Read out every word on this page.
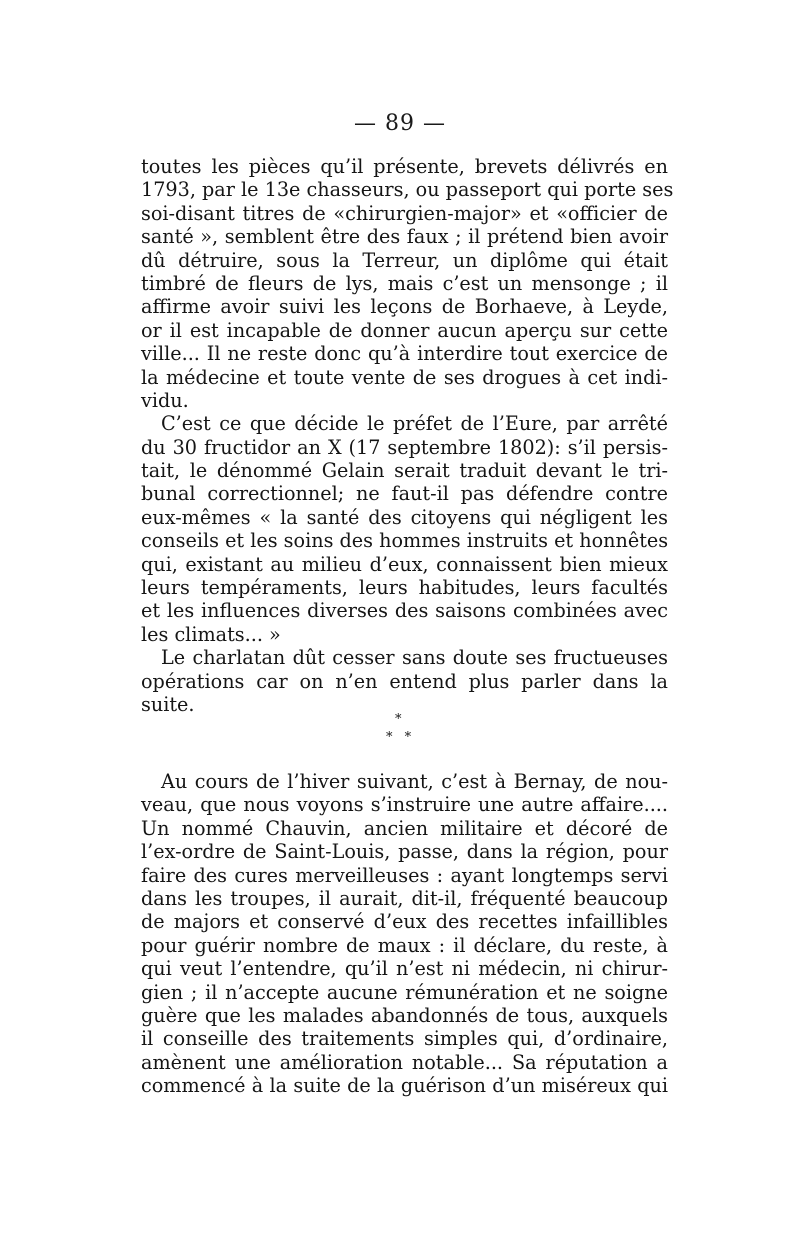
— 89 —
toutes les pièces qu’il présente, brevets délivrés en
1793, par le 13e chasseurs, ou passeport qui porte ses
soi-disant titres de «chirurgien-major» et «officier de
santé », semblent être des faux ; il prétend bien avoir
dû détruire, sous la Terreur, un diplôme qui était
timbré de fleurs de lys, mais c’est un mensonge ; il
affirme avoir suivi les leçons de Borhaeve, à Leyde,
or il est incapable de donner aucun aperçu sur cette
ville... Il ne reste donc qu’à interdire tout exercice de
la médecine et toute vente de ses drogues à cet indi-
vidu.
C’est ce que décide le préfet de l’Eure, par arrêté
du 30 fructidor an X (17 septembre 1802): s’il persis-
tait, le dénommé Gelain serait traduit devant le tri-
bunal correctionnel; ne faut-il pas défendre contre
eux-mêmes « la santé des citoyens qui négligent les
conseils et les soins des hommes instruits et honnêtes
qui, existant au milieu d’eux, connaissent bien mieux
leurs tempéraments, leurs habitudes, leurs facultés
et les influences diverses des saisons combinées avec
les climats... »
Le charlatan dût cesser sans doute ses fructueuses
opérations car on n’en entend plus parler dans la
suite.
*
* *
Au cours de l’hiver suivant, c’est à Bernay, de nou-
veau, que nous voyons s’instruire une autre affaire....
Un nommé Chauvin, ancien militaire et décoré de
l’ex-ordre de Saint-Louis, passe, dans la région, pour
faire des cures merveilleuses : ayant longtemps servi
dans les troupes, il aurait, dit-il, fréquenté beaucoup
de majors et conservé d’eux des recettes infaillibles
pour guérir nombre de maux : il déclare, du reste, à
qui veut l’entendre, qu’il n’est ni médecin, ni chirur-
gien ; il n’accepte aucune rémunération et ne soigne
guère que les malades abandonnés de tous, auxquels
il conseille des traitements simples qui, d’ordinaire,
amènent une amélioration notable... Sa réputation a
commencé à la suite de la guérison d’un miséreux qui
